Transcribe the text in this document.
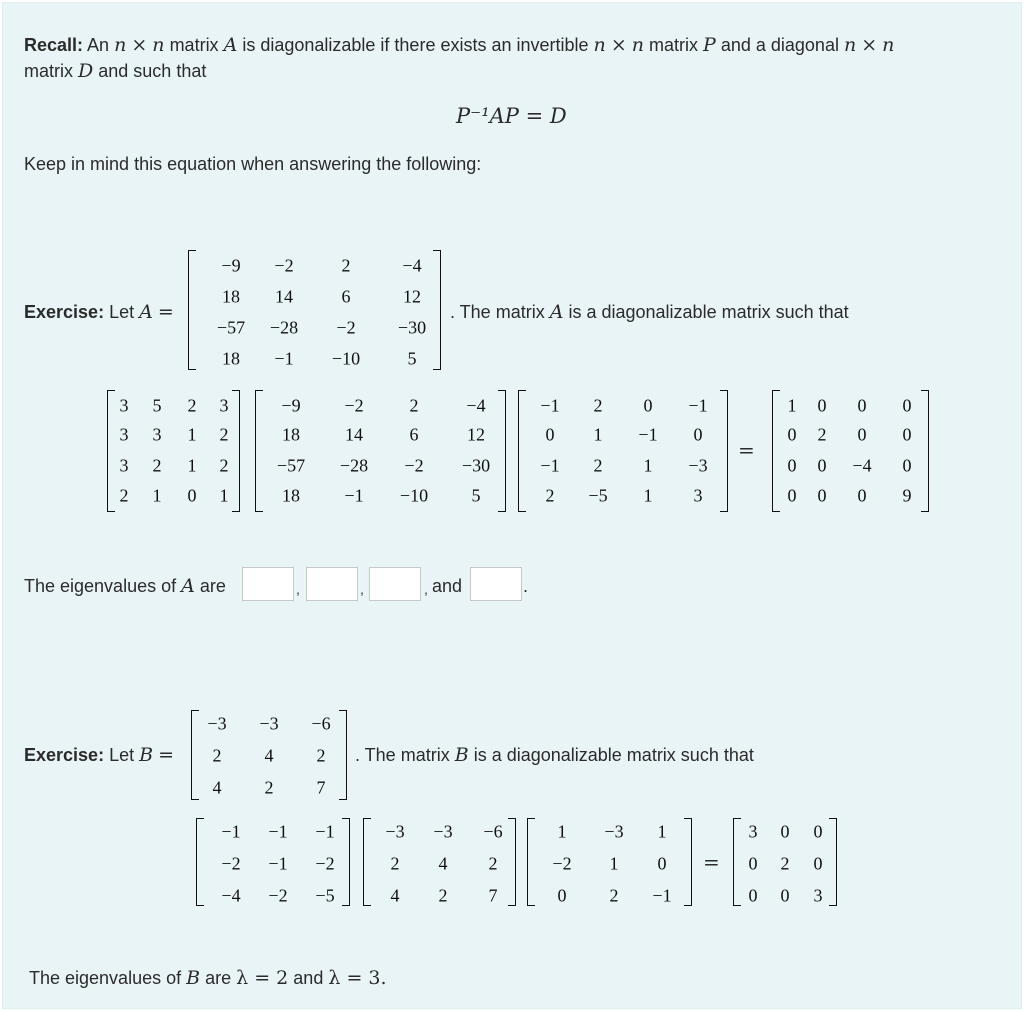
Recall: An n × n matrix A is diagonalizable if there exists an invertible n × n matrix P and a diagonal n × n
matrix D and such that
P⁻¹AP = D
Keep in mind this equation when answering the following:
Exercise: Let A =
−9 −2	2	−4
18 14	6	12
−57 −28 −2 −30
18 −1 −10	5
. The matrix A is a diagonalizable matrix such that
3 5 2 3
3 3 1 2
3 2 1 2
2 1 0 1
−9 −2	2	−4
18	14	6	12
−57 −28 −2 −30
18 −1 −10 5
−1 2 0 −1
0 1 −1 0
−1 2 1 −3
2 −5 1 3
=
1 0 0 0
0 2 0 0
0 0 −4 0
0 0 0 9
The eigenvalues of A are	,	,	, and	.
Exercise: Let B =
−3 −3 −6
2 4 2
4 2 7
. The matrix B is a diagonalizable matrix such that
−1 −1 −1
−2 −1 −2
−4 −2 −5
−3 −3 −6
2 4 2
4 2 7
1 −3 1
−2 1 0
0 2 −1
=
3 0 0
0 2 0
0 0 3
The eigenvalues of B are λ = 2 and λ = 3.
